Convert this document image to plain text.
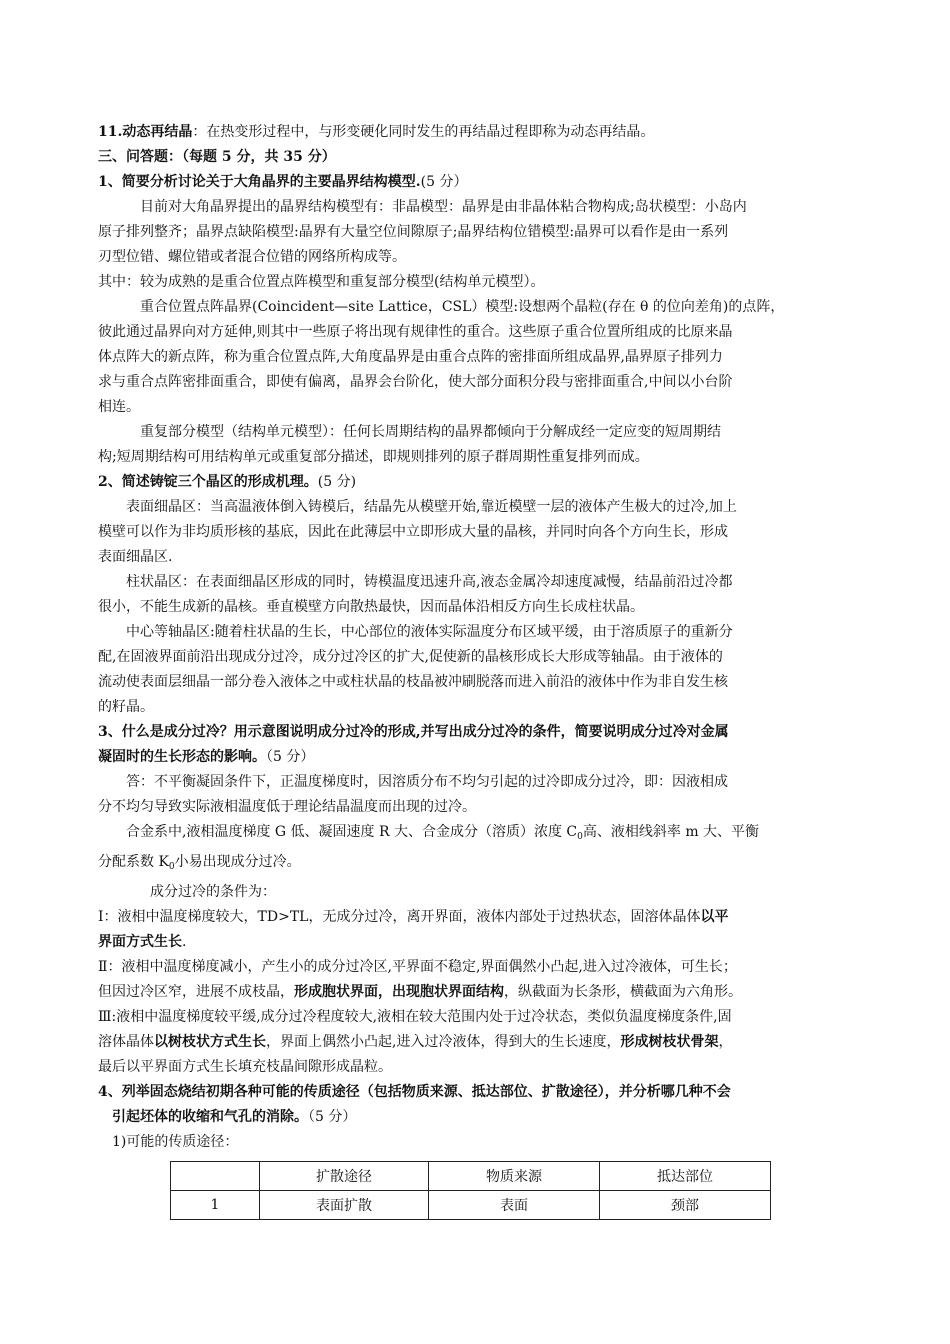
11.动态再结晶：在热变形过程中，与形变硬化同时发生的再结晶过程即称为动态再结晶。
三、问答题：（每题 5 分，共 35 分）
1、简要分析讨论关于大角晶界的主要晶界结构模型.(5 分）
目前对大角晶界提出的晶界结构模型有：非晶模型：晶界是由非晶体粘合物构成;岛状模型：小岛内
原子排列整齐；晶界点缺陷模型:晶界有大量空位间隙原子;晶界结构位错模型:晶界可以看作是由一系列
刃型位错、螺位错或者混合位错的网络所构成等。
其中：较为成熟的是重合位置点阵模型和重复部分模型(结构单元模型）。
重合位置点阵晶界(Coincident—site Lattice，CSL）模型:设想两个晶粒(存在 θ 的位向差角)的点阵，
彼此通过晶界向对方延伸,则其中一些原子将出现有规律性的重合。这些原子重合位置所组成的比原来晶
体点阵大的新点阵，称为重合位置点阵,大角度晶界是由重合点阵的密排面所组成晶界,晶界原子排列力
求与重合点阵密排面重合，即使有偏离，晶界会台阶化，使大部分面积分段与密排面重合,中间以小台阶
相连。
重复部分模型（结构单元模型）：任何长周期结构的晶界都倾向于分解成经一定应变的短周期结
构;短周期结构可用结构单元或重复部分描述，即规则排列的原子群周期性重复排列而成。
2、简述铸锭三个晶区的形成机理。(5 分)
表面细晶区：当高温液体倒入铸模后，结晶先从模壁开始,靠近模壁一层的液体产生极大的过冷,加上
模壁可以作为非均质形核的基底，因此在此薄层中立即形成大量的晶核，并同时向各个方向生长，形成
表面细晶区.
柱状晶区：在表面细晶区形成的同时，铸模温度迅速升高,液态金属冷却速度减慢，结晶前沿过冷都
很小，不能生成新的晶核。垂直模壁方向散热最快，因而晶体沿相反方向生长成柱状晶。
中心等轴晶区:随着柱状晶的生长，中心部位的液体实际温度分布区域平缓，由于溶质原子的重新分
配,在固液界面前沿出现成分过冷，成分过冷区的扩大,促使新的晶核形成长大形成等轴晶。由于液体的
流动使表面层细晶一部分卷入液体之中或柱状晶的枝晶被冲刷脱落而进入前沿的液体中作为非自发生核
的籽晶。
3、什么是成分过冷？用示意图说明成分过冷的形成,并写出成分过冷的条件，简要说明成分过冷对金属
凝固时的生长形态的影响。（5 分）
答：不平衡凝固条件下，正温度梯度时，因溶质分布不均匀引起的过冷即成分过冷，即：因液相成
分不均匀导致实际液相温度低于理论结晶温度而出现的过冷。
合金系中,液相温度梯度 G 低、凝固速度 R 大、合金成分（溶质）浓度 $C_0$高、液相线斜率 m 大、平衡
分配系数 $K_0$小易出现成分过冷。
成分过冷的条件为：
Ⅰ：液相中温度梯度较大，TD>TL，无成分过冷，离开界面，液体内部处于过热状态，固溶体晶体以平
界面方式生长.
Ⅱ：液相中温度梯度减小，产生小的成分过冷区,平界面不稳定,界面偶然小凸起,进入过冷液体，可生长；
但因过冷区窄，进展不成枝晶，形成胞状界面，出现胞状界面结构，纵截面为长条形，横截面为六角形。
Ⅲ:液相中温度梯度较平缓,成分过冷程度较大,液相在较大范围内处于过冷状态，类似负温度梯度条件,固
溶体晶体以树枝状方式生长，界面上偶然小凸起,进入过冷液体，得到大的生长速度，形成树枝状骨架，
最后以平界面方式生长填充枝晶间隙形成晶粒。
4、列举固态烧结初期各种可能的传质途径（包括物质来源、抵达部位、扩散途径），并分析哪几种不会
引起坯体的收缩和气孔的消除。（5 分）
1)可能的传质途径：
	扩散途径	物质来源	抵达部位
1	表面扩散	表面	颈部
